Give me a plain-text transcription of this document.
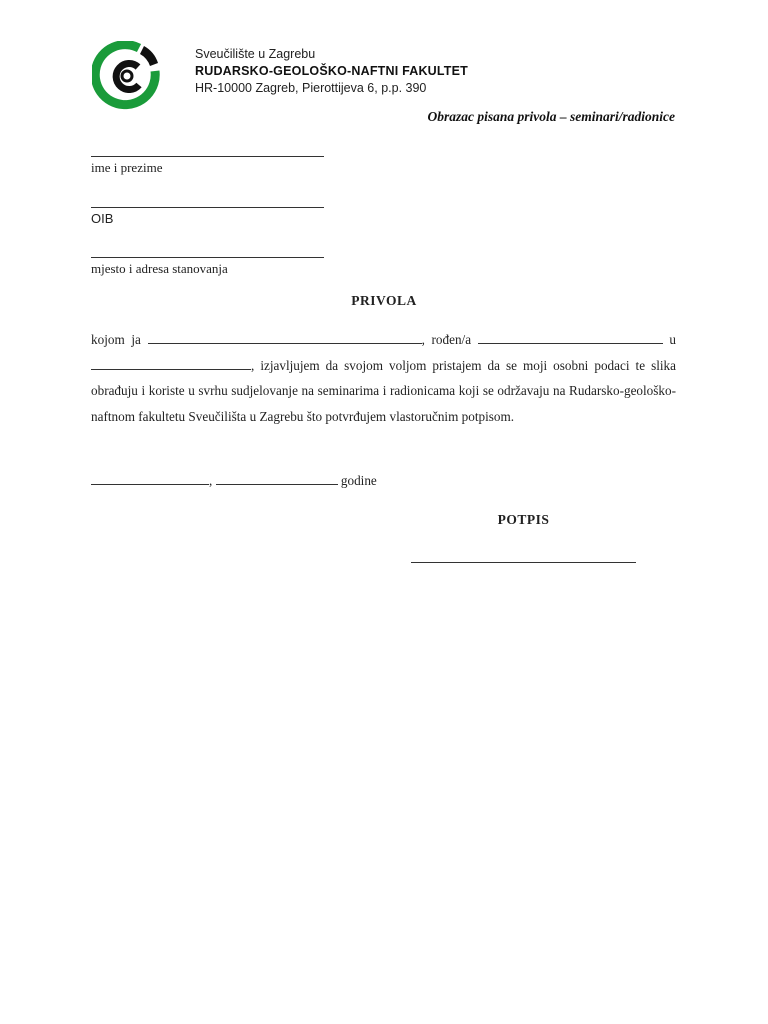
Sveučilište u Zagrebu
RUDARSKO-GEOLOŠKO-NAFTNI FAKULTET
HR-10000 Zagreb, Pierottijeva 6, p.p. 390
Obrazac pisana privola – seminari/radionice
ime i prezime
OIB
mjesto i adresa stanovanja
PRIVOLA
kojom ja	, rođen/a	u , izjavljujem da svojom voljom pristajem da se moji osobni podaci te slika obrađuju i koriste u svrhu sudjelovanje na seminarima i radionicama koji se održavaju na Rudarsko-geološko-naftnom fakultetu Sveučilišta u Zagrebu što potvrđujem vlastoručnim potpisom.
,	godine
POTPIS
